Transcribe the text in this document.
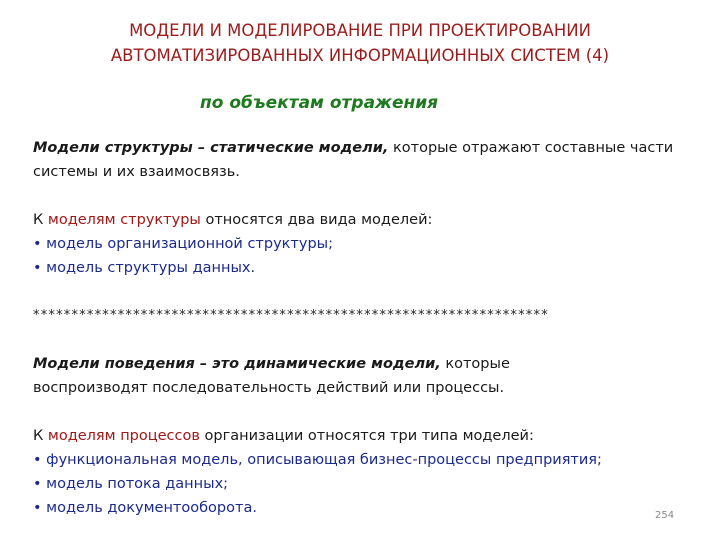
МОДЕЛИ И МОДЕЛИРОВАНИЕ ПРИ ПРОЕКТИРОВАНИИ
АВТОМАТИЗИРОВАННЫХ ИНФОРМАЦИОННЫХ СИСТЕМ (4)
по объектам отражения
Модели структуры – статические модели, которые отражают составные части
системы и их взаимосвязь.
К моделям структуры относятся два вида моделей:
• модель организационной структуры;
• модель структуры данных.
*******************************************************************
Модели поведения – это динамические модели, которые
воспроизводят последовательность действий или процессы.
К моделям процессов организации относятся три типа моделей:
• функциональная модель, описывающая бизнес-процессы предприятия;
• модель потока данных;
• модель документооборота.	254
